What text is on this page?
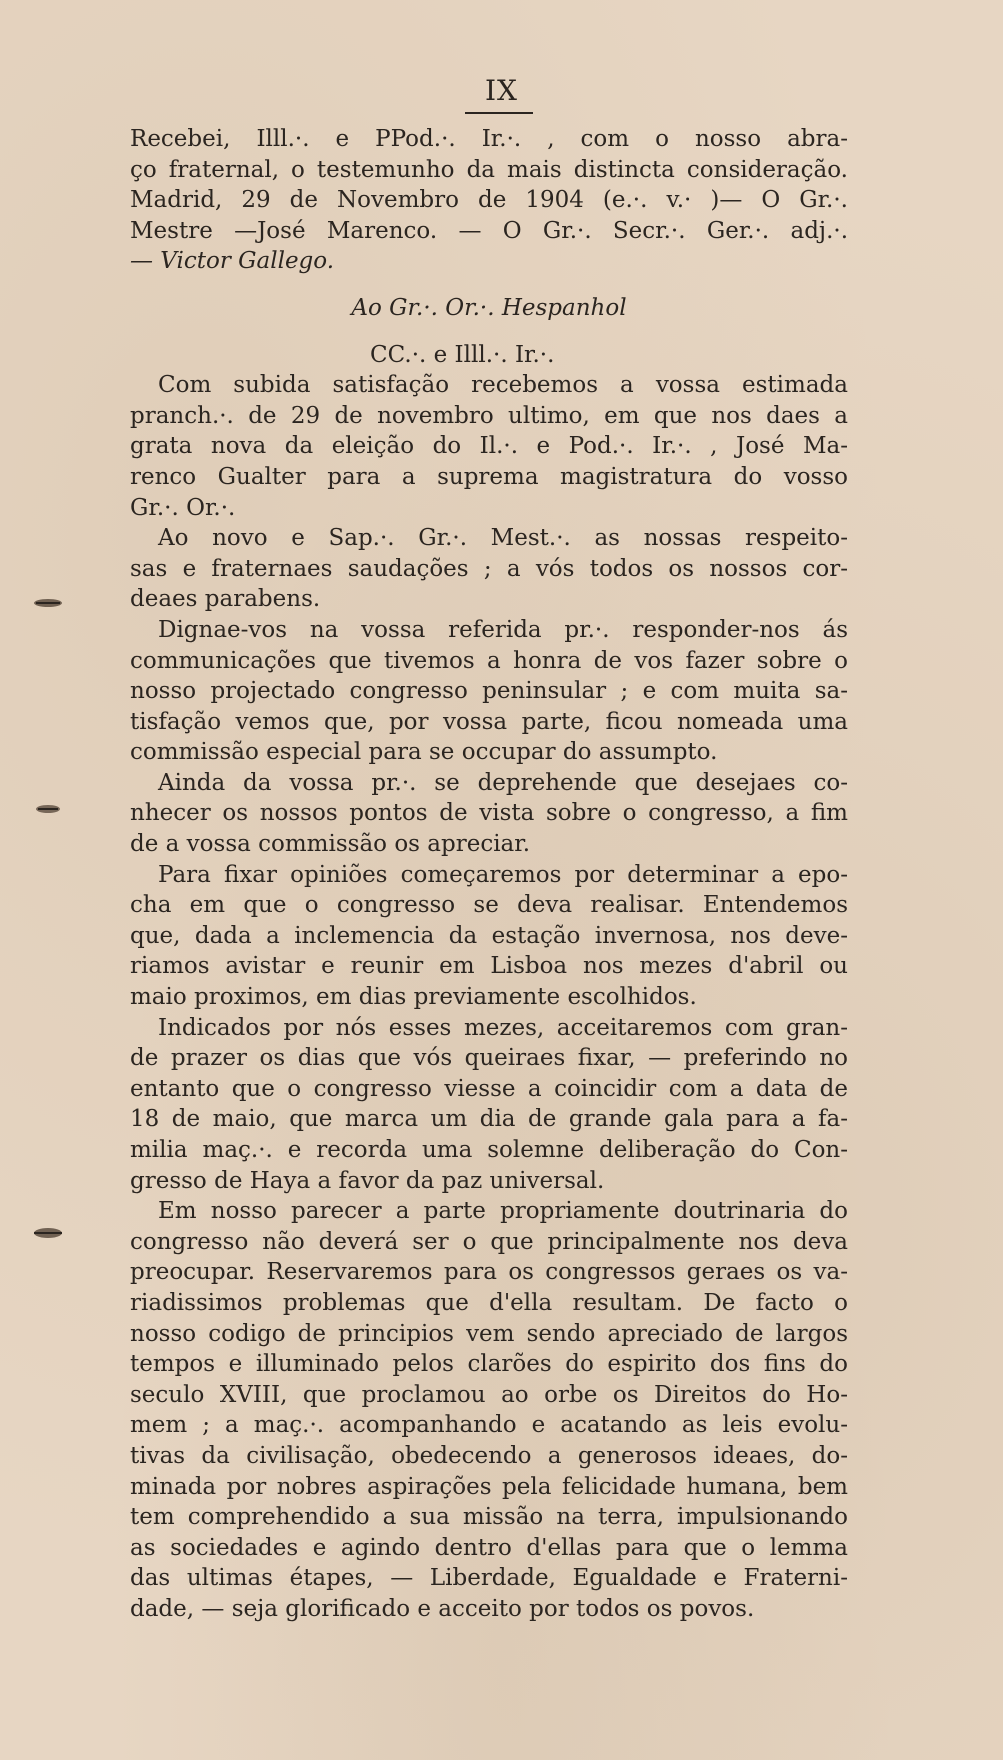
IX
Recebei, Illl.·. e PPod.·. Ir.·. , com o nosso abra-
ço fraternal, o testemunho da mais distincta consideração.
Madrid, 29 de Novembro de 1904 (e.·. v.· )— O Gr.·.
Mestre —José Marenco. — O Gr.·. Secr.·. Ger.·. adj.·.
— Victor Gallego.
Ao Gr.·. Or.·. Hespanhol
CC.·. e Illl.·. Ir.·.
Com subida satisfação recebemos a vossa estimada
pranch.·. de 29 de novembro ultimo, em que nos daes a
grata nova da eleição do Il.·. e Pod.·. Ir.·. , José Ma-
renco Gualter para a suprema magistratura do vosso
Gr.·. Or.·.
Ao novo e Sap.·. Gr.·. Mest.·. as nossas respeito-
sas e fraternaes saudações ; a vós todos os nossos cor-
deaes parabens.
Dignae-vos na vossa referida pr.·. responder-nos ás
communicações que tivemos a honra de vos fazer sobre o
nosso projectado congresso peninsular ; e com muita sa-
tisfação vemos que, por vossa parte, ficou nomeada uma
commissão especial para se occupar do assumpto.
Ainda da vossa pr.·. se deprehende que desejaes co-
nhecer os nossos pontos de vista sobre o congresso, a fim
de a vossa commissão os apreciar.
Para fixar opiniões começaremos por determinar a epo-
cha em que o congresso se deva realisar. Entendemos
que, dada a inclemencia da estação invernosa, nos deve-
riamos avistar e reunir em Lisboa nos mezes d'abril ou
maio proximos, em dias previamente escolhidos.
Indicados por nós esses mezes, acceitaremos com gran-
de prazer os dias que vós queiraes fixar, — preferindo no
entanto que o congresso viesse a coincidir com a data de
18 de maio, que marca um dia de grande gala para a fa-
milia maç.·. e recorda uma solemne deliberação do Con-
gresso de Haya a favor da paz universal.
Em nosso parecer a parte propriamente doutrinaria do
congresso não deverá ser o que principalmente nos deva
preocupar. Reservaremos para os congressos geraes os va-
riadissimos problemas que d'ella resultam. De facto o
nosso codigo de principios vem sendo apreciado de largos
tempos e illuminado pelos clarões do espirito dos fins do
seculo XVIII, que proclamou ao orbe os Direitos do Ho-
mem ; a maç.·. acompanhando e acatando as leis evolu-
tivas da civilisação, obedecendo a generosos ideaes, do-
minada por nobres aspirações pela felicidade humana, bem
tem comprehendido a sua missão na terra, impulsionando
as sociedades e agindo dentro d'ellas para que o lemma
das ultimas étapes, — Liberdade, Egualdade e Fraterni-
dade, — seja glorificado e acceito por todos os povos.
